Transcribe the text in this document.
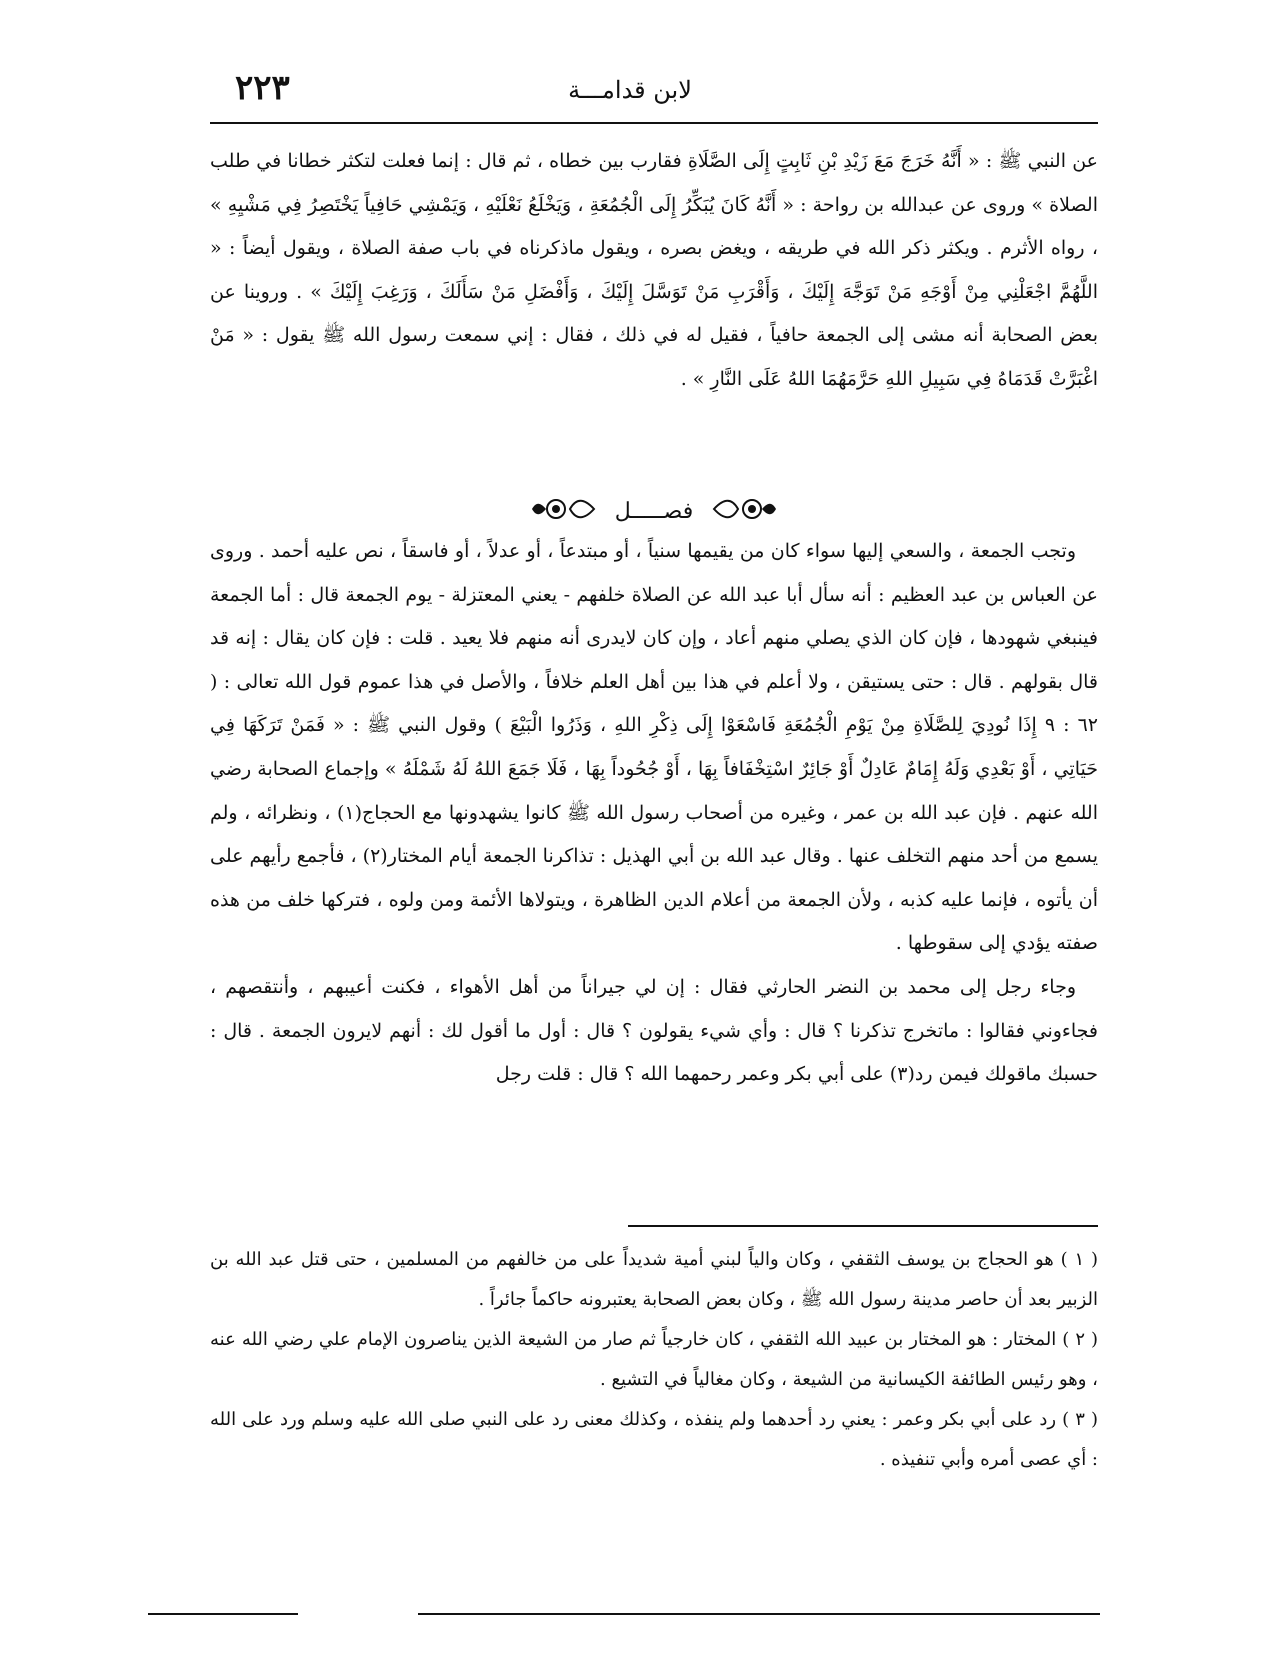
لابن قدامـــة
٢٢٣

عن النبي ﷺ : « أَنَّهُ خَرَجَ مَعَ زَيْدِ بْنِ ثَابِتٍ إِلَى الصَّلَاةِ فقارب بين خطاه ، ثم قال : إنما فعلت لتكثر خطانا في طلب الصلاة » وروى عن عبدالله بن رواحة : « أَنَّهُ كَانَ يُبَكِّرُ إِلَى الْجُمُعَةِ ، وَيَخْلَعُ نَعْلَيْهِ ، وَيَمْشِي حَافِياً يَخْتَصِرُ فِي مَشْيِهِ » ، رواه الأثرم . ويكثر ذكر الله في طريقه ، ويغض بصره ، ويقول ماذكرناه في باب صفة الصلاة ، ويقول أيضاً : « اللَّهُمَّ اجْعَلْنِي مِنْ أَوْجَهِ مَنْ تَوَجَّهَ إِلَيْكَ ، وَأَقْرَبِ مَنْ تَوَسَّلَ إِلَيْكَ ، وَأَفْضَلِ مَنْ سَأَلَكَ ، وَرَغِبَ إِلَيْكَ » . وروينا عن بعض الصحابة أنه مشى إلى الجمعة حافياً ، فقيل له في ذلك ، فقال : إني سمعت رسول الله ﷺ يقول : « مَنْ اغْبَرَّتْ قَدَمَاهُ فِي سَبِيلِ اللهِ حَرَّمَهُمَا اللهُ عَلَى النَّارِ » .

فصـــــل

وتجب الجمعة ، والسعي إليها سواء كان من يقيمها سنياً ، أو مبتدعاً ، أو عدلاً ، أو فاسقاً ، نص عليه أحمد . وروى عن العباس بن عبد العظيم : أنه سأل أبا عبد الله عن الصلاة خلفهم - يعني المعتزلة - يوم الجمعة قال : أما الجمعة فينبغي شهودها ، فإن كان الذي يصلي منهم أعاد ، وإن كان لايدرى أنه منهم فلا يعيد . قلت : فإن كان يقال : إنه قد قال بقولهم . قال : حتى يستيقن ، ولا أعلم في هذا بين أهل العلم خلافاً ، والأصل في هذا عموم قول الله تعالى : ( ٦٢ : ٩ إِذَا نُودِيَ لِلصَّلَاةِ مِنْ يَوْمِ الْجُمُعَةِ فَاسْعَوْا إِلَى ذِكْرِ اللهِ ، وَذَرُوا الْبَيْعَ ) وقول النبي ﷺ : « فَمَنْ تَرَكَهَا فِي حَيَاتِي ، أَوْ بَعْدِي وَلَهُ إِمَامٌ عَادِلٌ أَوْ جَائِرٌ اسْتِخْفَافاً بِهَا ، أَوْ جُحُوداً بِهَا ، فَلَا جَمَعَ اللهُ لَهُ شَمْلَهُ » وإجماع الصحابة رضي الله عنهم . فإن عبد الله بن عمر ، وغيره من أصحاب رسول الله ﷺ كانوا يشهدونها مع الحجاج(١) ، ونظرائه ، ولم يسمع من أحد منهم التخلف عنها . وقال عبد الله بن أبي الهذيل : تذاكرنا الجمعة أيام المختار(٢) ، فأجمع رأيهم على أن يأتوه ، فإنما عليه كذبه ، ولأن الجمعة من أعلام الدين الظاهرة ، ويتولاها الأئمة ومن ولوه ، فتركها خلف من هذه صفته يؤدي إلى سقوطها .

وجاء رجل إلى محمد بن النضر الحارثي فقال : إن لي جيراناً من أهل الأهواء ، فكنت أعيبهم ، وأنتقصهم ، فجاءوني فقالوا : ماتخرج تذكرنا ؟ قال : وأي شيء يقولون ؟ قال : أول ما أقول لك : أنهم لايرون الجمعة . قال : حسبك ماقولك فيمن رد(٣) على أبي بكر وعمر رحمهما الله ؟ قال : قلت رجل

( ١ ) هو الحجاج بن يوسف الثقفي ، وكان والياً لبني أمية شديداً على من خالفهم من المسلمين ، حتى قتل عبد الله بن الزبير بعد أن حاصر مدينة رسول الله ﷺ ، وكان بعض الصحابة يعتبرونه حاكماً جائراً .

( ٢ ) المختار : هو المختار بن عبيد الله الثقفي ، كان خارجياً ثم صار من الشيعة الذين يناصرون الإمام علي رضي الله عنه ، وهو رئيس الطائفة الكيسانية من الشيعة ، وكان مغالياً في التشيع .

( ٣ ) رد على أبي بكر وعمر : يعني رد أحدهما ولم ينفذه ، وكذلك معنى رد على النبي صلى الله عليه وسلم ورد على الله : أي عصى أمره وأبي تنفيذه .
